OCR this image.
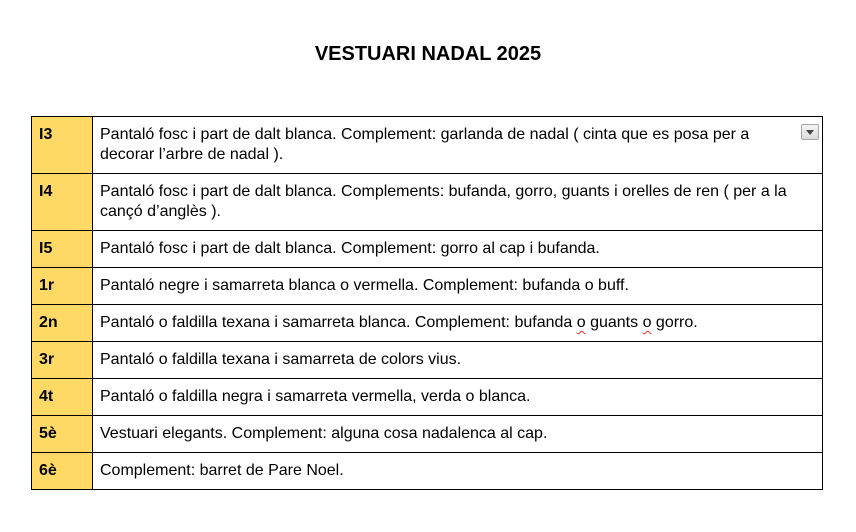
VESTUARI NADAL 2025
I3	Pantaló fosc i part de dalt blanca. Complement: garlanda de nadal ( cinta que es posa per a decorar l’arbre de nadal ).

I4	Pantaló fosc i part de dalt blanca. Complements: bufanda, gorro, guants i orelles de ren ( per a la cançó d’anglès ).
I5	Pantaló fosc i part de dalt blanca. Complement: gorro al cap i bufanda.
1r	Pantaló negre i samarreta blanca o vermella. Complement: bufanda o buff.
2n	Pantaló o faldilla texana i samarreta blanca. Complement: bufanda o guants o gorro.
3r	Pantaló o faldilla texana i samarreta de colors vius.
4t	Pantaló o faldilla negra i samarreta vermella, verda o blanca.
5è	Vestuari elegants. Complement: alguna cosa nadalenca al cap.
6è	Complement: barret de Pare Noel.
